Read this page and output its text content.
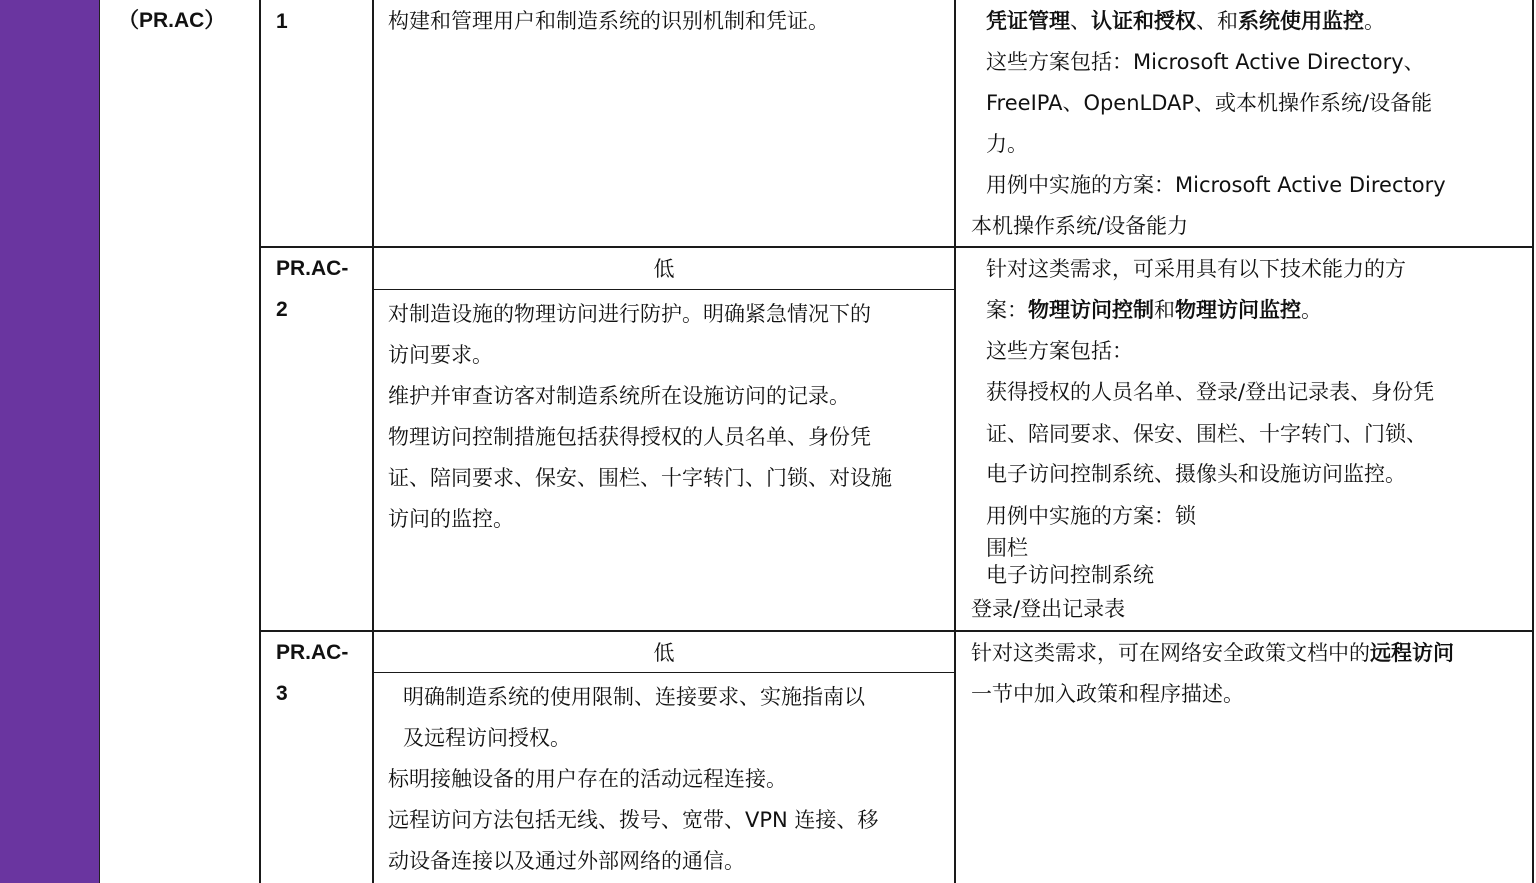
（PR.AC） 1	构建和管理用户和制造系统的识别机制和凭证。	凭证管理、认证和授权、和系统使用监控。
这些方案包括：Microsoft Active Directory、
FreeIPA、OpenLDAP、或本机操作系统/设备能
力。
用例中实施的方案：Microsoft Active Directory
本机操作系统/设备能力
PR.AC-
2
低
对制造设施的物理访问进行防护。明确紧急情况下的
访问要求。
维护并审查访客对制造系统所在设施访问的记录。
物理访问控制措施包括获得授权的人员名单、身份凭
证、陪同要求、保安、围栏、十字转门、门锁、对设施
访问的监控。
针对这类需求，可采用具有以下技术能力的方
案：物理访问控制和物理访问监控。
这些方案包括：
获得授权的人员名单、登录/登出记录表、身份凭
证、陪同要求、保安、围栏、十字转门、门锁、
电子访问控制系统、摄像头和设施访问监控。
用例中实施的方案：锁
围栏
电子访问控制系统
登录/登出记录表
PR.AC-
3
低
明确制造系统的使用限制、连接要求、实施指南以
及远程访问授权。
标明接触设备的用户存在的活动远程连接。
远程访问方法包括无线、拨号、宽带、VPN 连接、移
动设备连接以及通过外部网络的通信。
针对这类需求，可在网络安全政策文档中的远程访问
一节中加入政策和程序描述。
